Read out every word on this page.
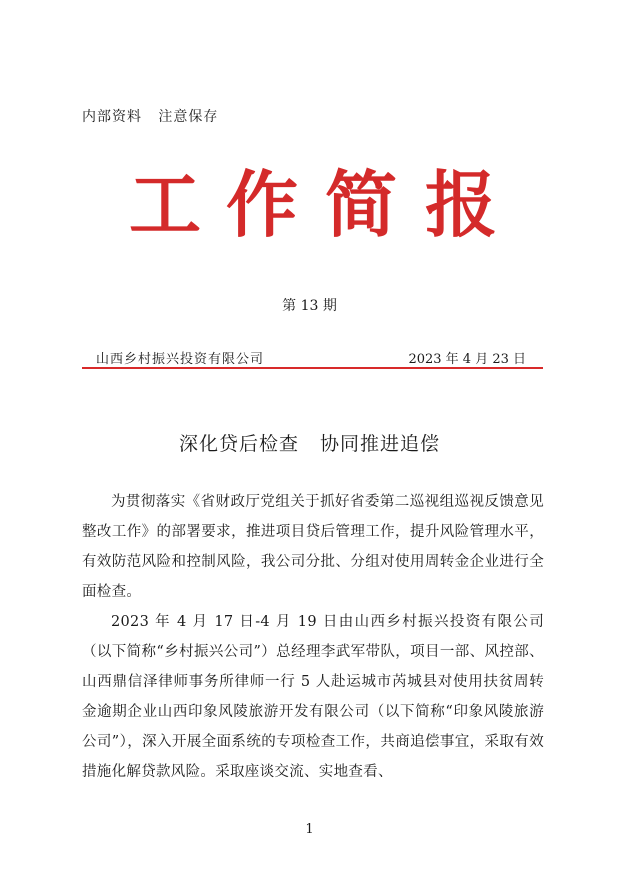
内部资料   注意保存
工 作 简 报
第 13 期
山西乡村振兴投资有限公司	2023 年 4 月 23 日
深化贷后检查   协同推进追偿

为贯彻落实《省财政厅党组关于抓好省委第二巡视组巡视反馈意见整改工作》的部署要求，推进项目贷后管理工作，提升风险管理水平，有效防范风险和控制风险，我公司分批、分组对使用周转金企业进行全面检查。

2023 年 4 月 17 日-4 月 19 日由山西乡村振兴投资有限公司（以下简称“乡村振兴公司”）总经理李武军带队，项目一部、风控部、山西鼎信泽律师事务所律师一行 5 人赴运城市芮城县对使用扶贫周转金逾期企业山西印象风陵旅游开发有限公司（以下简称“印象风陵旅游公司”），深入开展全面系统的专项检查工作，共商追偿事宜，采取有效措施化解贷款风险。采取座谈交流、实地查看、

1
